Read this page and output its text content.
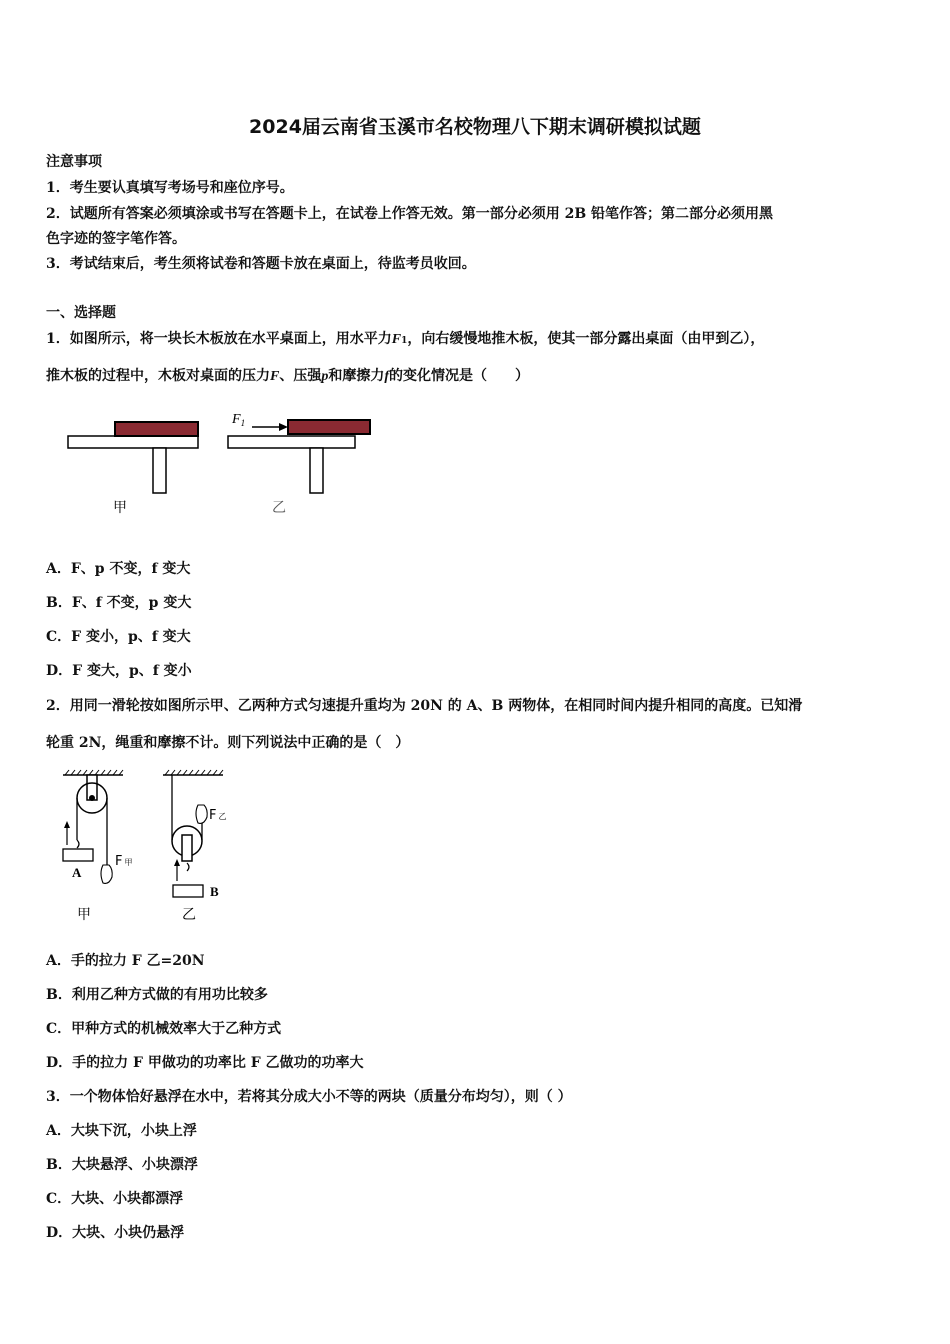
2024届云南省玉溪市名校物理八下期末调研模拟试题
注意事项
1．考生要认真填写考场号和座位序号。
2．试题所有答案必须填涂或书写在答题卡上，在试卷上作答无效。第一部分必须用 2B 铅笔作答；第二部分必须用黑
色字迹的签字笔作答。
3．考试结束后，考生须将试卷和答题卡放在桌面上，待监考员收回。
一、选择题
1．如图所示，将一块长木板放在水平桌面上，用水平力F1，向右缓慢地推木板，使其一部分露出桌面（由甲到乙），
推木板的过程中，木板对桌面的压力F、压强p和摩擦力f的变化情况是（　　）
$F_1$
甲	乙
A．F、p 不变，f 变大
B．F、f 不变，p 变大
C．F 变小，p、f 变大
D．F 变大，p、f 变小
2．用同一滑轮按如图所示甲、乙两种方式匀速提升重均为 20N 的 A、B 两物体，在相同时间内提升相同的高度。已知滑
轮重 2N，绳重和摩擦不计。则下列说法中正确的是（　）
A
F甲
甲
F乙
B
乙
A．手的拉力 F 乙=20N
B．利用乙种方式做的有用功比较多
C．甲种方式的机械效率大于乙种方式
D．手的拉力 F 甲做功的功率比 F 乙做功的功率大
3．一个物体恰好悬浮在水中，若将其分成大小不等的两块（质量分布均匀），则（ ）
A．大块下沉，小块上浮
B．大块悬浮、小块漂浮
C．大块、小块都漂浮
D．大块、小块仍悬浮
